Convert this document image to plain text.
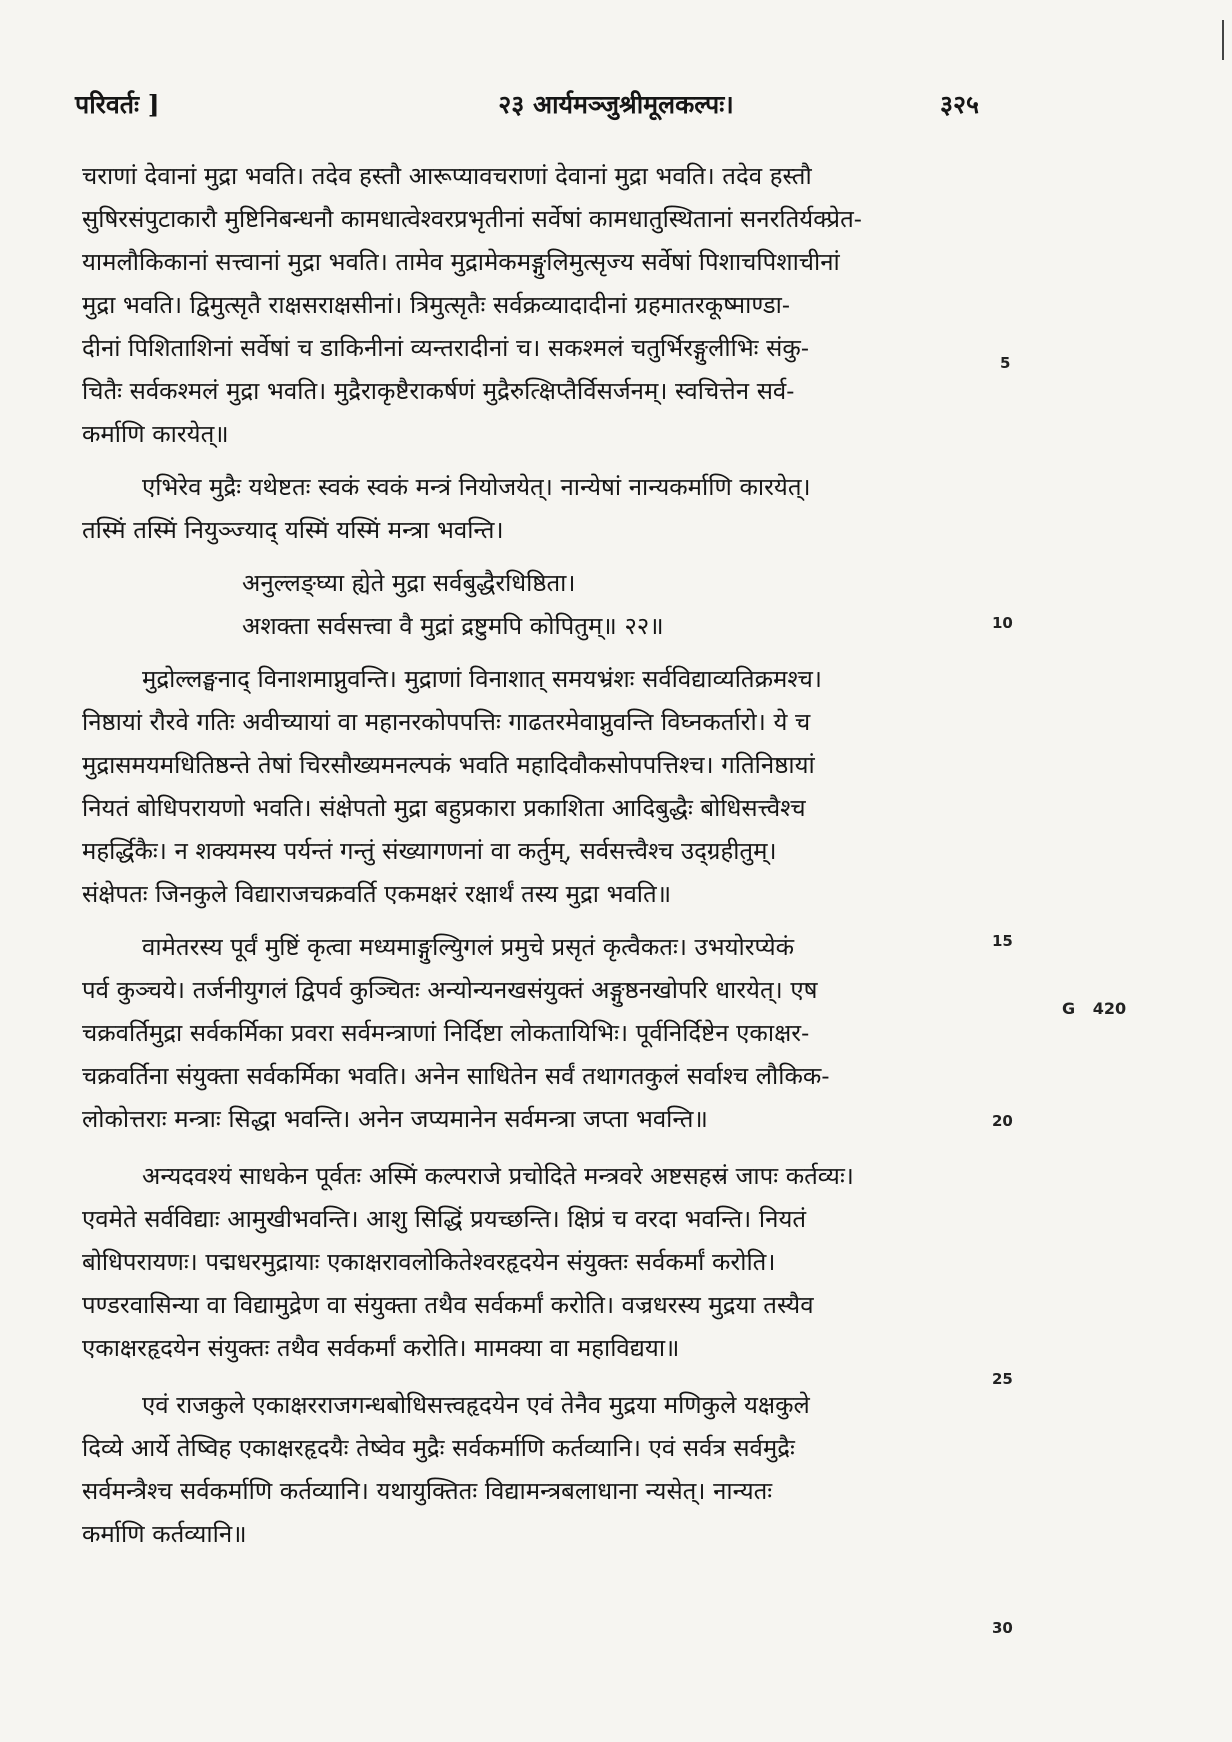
परिवर्तः ]	२३ आर्यमञ्जुश्रीमूलकल्पः।	३२५
चराणां देवानां मुद्रा भवति। तदेव हस्तौ आरूप्यावचराणां देवानां मुद्रा भवति। तदेव हस्तौ
सुषिरसंपुटाकारौ मुष्टिनिबन्धनौ कामधात्वेश्वरप्रभृतीनां सर्वेषां कामधातुस्थितानां सनरतिर्यक्प्रेत-
यामलौकिकानां सत्त्वानां मुद्रा भवति। तामेव मुद्रामेकमङ्गुलिमुत्सृज्य सर्वेषां पिशाचपिशाचीनां
मुद्रा भवति। द्विमुत्सृतै राक्षसराक्षसीनां। त्रिमुत्सृतैः सर्वक्रव्यादादीनां ग्रहमातरकूष्माण्डा-
दीनां पिशिताशिनां सर्वेषां च डाकिनीनां व्यन्तरादीनां च। सकश्मलं चतुर्भिरङ्गुलीभिः संकु-
चितैः सर्वकश्मलं मुद्रा भवति। मुद्रैराकृष्टैराकर्षणं मुद्रैरुत्क्षिप्तैर्विसर्जनम्। स्वचित्तेन सर्व-
कर्माणि कारयेत्॥
एभिरेव मुद्रैः यथेष्टतः स्वकं स्वकं मन्त्रं नियोजयेत्। नान्येषां नान्यकर्माणि कारयेत्।
तस्मिं तस्मिं नियुञ्ज्याद् यस्मिं यस्मिं मन्त्रा भवन्ति।
अनुल्लङ्घ्या ह्येते मुद्रा सर्वबुद्धैरधिष्ठिता।
अशक्ता सर्वसत्त्वा वै मुद्रां द्रष्टुमपि कोपितुम्॥ २२॥
मुद्रोल्लङ्घनाद् विनाशमाप्नुवन्ति। मुद्राणां विनाशात् समयभ्रंशः सर्वविद्याव्यतिक्रमश्च।
निष्ठायां रौरवे गतिः अवीच्यायां वा महानरकोपपत्तिः गाढतरमेवाप्नुवन्ति विघ्नकर्तारो। ये च
मुद्रासमयमधितिष्ठन्ते तेषां चिरसौख्यमनल्पकं भवति महादिवौकसोपपत्तिश्च। गतिनिष्ठायां
नियतं बोधिपरायणो भवति। संक्षेपतो मुद्रा बहुप्रकारा प्रकाशिता आदिबुद्धैः बोधिसत्त्वैश्च
महर्द्धिकैः। न शक्यमस्य पर्यन्तं गन्तुं संख्यागणनां वा कर्तुम्, सर्वसत्त्वैश्च उद्ग्रहीतुम्।
संक्षेपतः जिनकुले विद्याराजचक्रवर्ति एकमक्षरं रक्षार्थं तस्य मुद्रा भवति॥
वामेतरस्य पूर्वं मुष्टिं कृत्वा मध्यमाङ्गुल्यिुगलं प्रमुचे प्रसृतं कृत्वैकतः। उभयोरप्येकं
पर्व कुञ्चये। तर्जनीयुगलं द्विपर्व कुञ्चितः अन्योन्यनखसंयुक्तं अङ्गुष्ठनखोपरि धारयेत्। एष
चक्रवर्तिमुद्रा सर्वकर्मिका प्रवरा सर्वमन्त्राणां निर्दिष्टा लोकतायिभिः। पूर्वनिर्दिष्टेन एकाक्षर-
चक्रवर्तिना संयुक्ता सर्वकर्मिका भवति। अनेन साधितेन सर्वं तथागतकुलं सर्वाश्च लौकिक-
लोकोत्तराः मन्त्राः सिद्धा भवन्ति। अनेन जप्यमानेन सर्वमन्त्रा जप्ता भवन्ति॥
अन्यदवश्यं साधकेन पूर्वतः अस्मिं कल्पराजे प्रचोदिते मन्त्रवरे अष्टसहस्रं जापः कर्तव्यः।
एवमेते सर्वविद्याः आमुखीभवन्ति। आशु सिद्धिं प्रयच्छन्ति। क्षिप्रं च वरदा भवन्ति। नियतं
बोधिपरायणः। पद्मधरमुद्रायाः एकाक्षरावलोकितेश्वरहृदयेन संयुक्तः सर्वकर्मां करोति।
पण्डरवासिन्या वा विद्यामुद्रेण वा संयुक्ता तथैव सर्वकर्मां करोति। वज्रधरस्य मुद्रया तस्यैव
एकाक्षरहृदयेन संयुक्तः तथैव सर्वकर्मां करोति। मामक्या वा महाविद्यया॥
एवं राजकुले एकाक्षरराजगन्धबोधिसत्त्वहृदयेन एवं तेनैव मुद्रया मणिकुले यक्षकुले
दिव्ये आर्ये तेष्विह एकाक्षरहृदयैः तेष्वेव मुद्रैः सर्वकर्माणि कर्तव्यानि। एवं सर्वत्र सर्वमुद्रैः
सर्वमन्त्रैश्च सर्वकर्माणि कर्तव्यानि। यथायुक्तितः विद्यामन्त्रबलाधाना न्यसेत्। नान्यतः
कर्माणि कर्तव्यानि॥
5
10
15
20
25
30
G 420
